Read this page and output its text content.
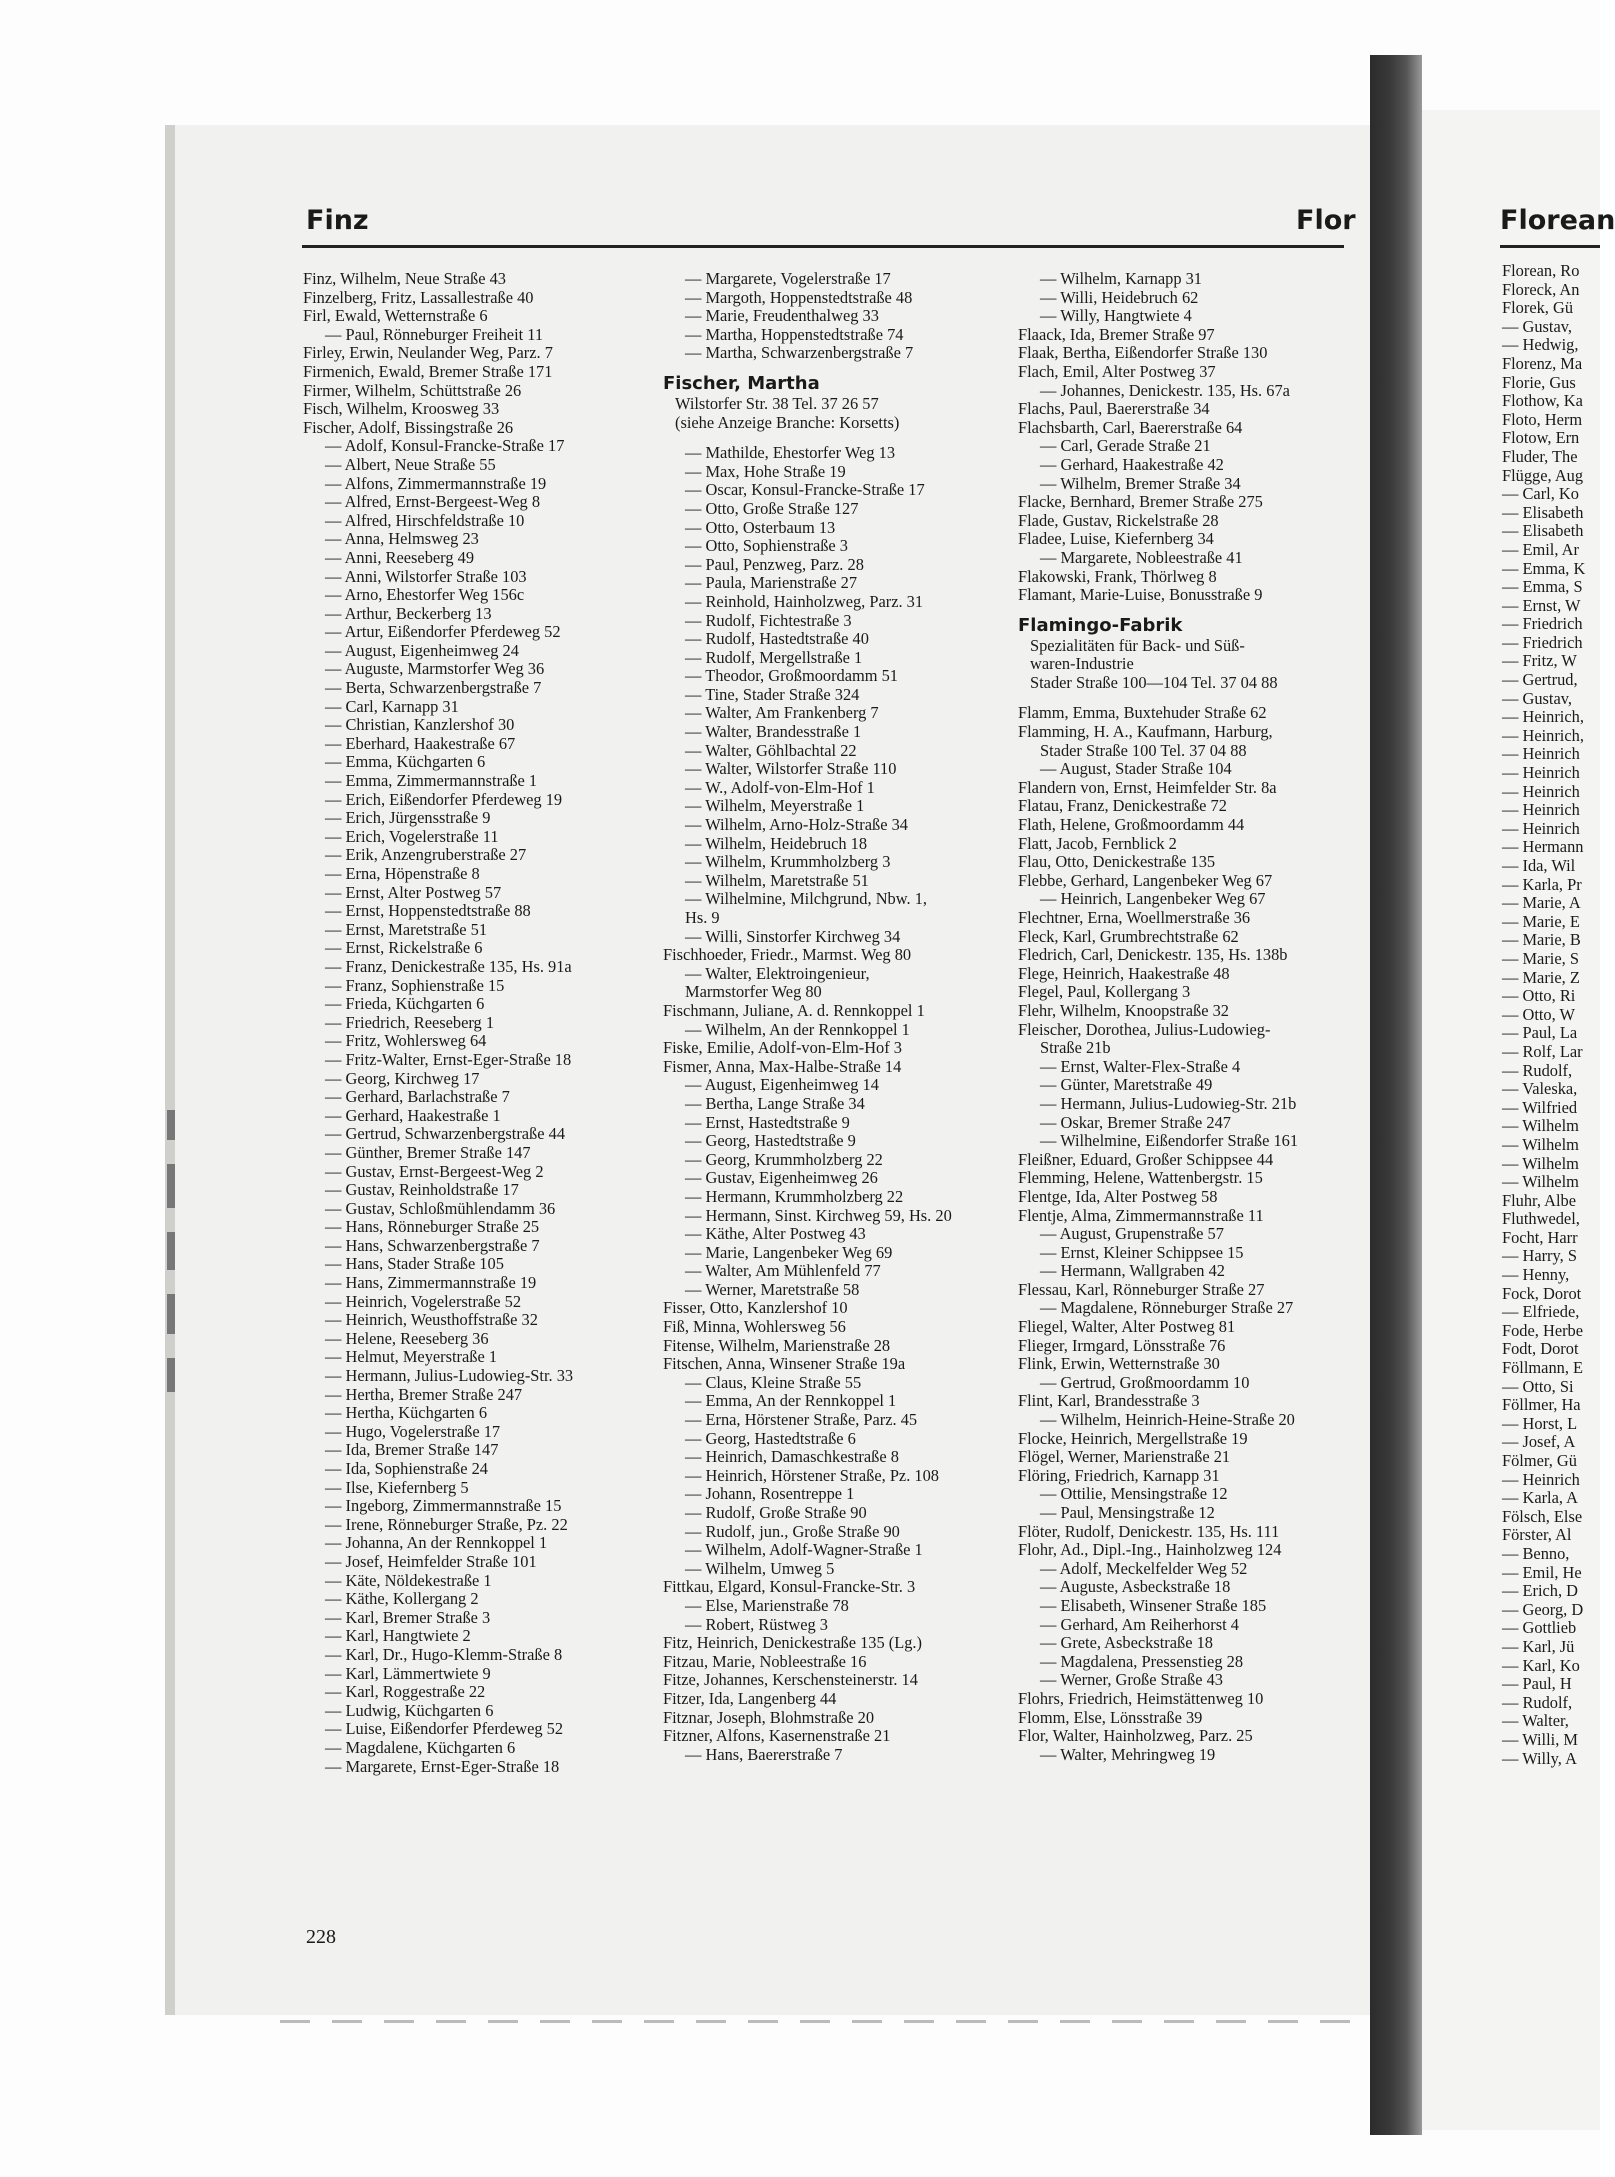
Finz	Flor	Florean
Finz, Wilhelm, Neue Straße 43
Finzelberg, Fritz, Lassallestraße 40
Firl, Ewald, Wetternstraße 6
— Paul, Rönneburger Freiheit 11
Firley, Erwin, Neulander Weg, Parz. 7
Firmenich, Ewald, Bremer Straße 171
Firmer, Wilhelm, Schüttstraße 26
Fisch, Wilhelm, Kroosweg 33
Fischer, Adolf, Bissingstraße 26
— Adolf, Konsul-Francke-Straße 17
— Albert, Neue Straße 55
— Alfons, Zimmermannstraße 19
— Alfred, Ernst-Bergeest-Weg 8
— Alfred, Hirschfeldstraße 10
— Anna, Helmsweg 23
— Anni, Reeseberg 49
— Anni, Wilstorfer Straße 103
— Arno, Ehestorfer Weg 156c
— Arthur, Beckerberg 13
— Artur, Eißendorfer Pferdeweg 52
— August, Eigenheimweg 24
— Auguste, Marmstorfer Weg 36
— Berta, Schwarzenbergstraße 7
— Carl, Karnapp 31
— Christian, Kanzlershof 30
— Eberhard, Haakestraße 67
— Emma, Küchgarten 6
— Emma, Zimmermannstraße 1
— Erich, Eißendorfer Pferdeweg 19
— Erich, Jürgensstraße 9
— Erich, Vogelerstraße 11
— Erik, Anzengruberstraße 27
— Erna, Höpenstraße 8
— Ernst, Alter Postweg 57
— Ernst, Hoppenstedtstraße 88
— Ernst, Maretstraße 51
— Ernst, Rickelstraße 6
— Franz, Denickestraße 135, Hs. 91a
— Franz, Sophienstraße 15
— Frieda, Küchgarten 6
— Friedrich, Reeseberg 1
— Fritz, Wohlersweg 64
— Fritz-Walter, Ernst-Eger-Straße 18
— Georg, Kirchweg 17
— Gerhard, Barlachstraße 7
— Gerhard, Haakestraße 1
— Gertrud, Schwarzenbergstraße 44
— Günther, Bremer Straße 147
— Gustav, Ernst-Bergeest-Weg 2
— Gustav, Reinholdstraße 17
— Gustav, Schloßmühlendamm 36
— Hans, Rönneburger Straße 25
— Hans, Schwarzenbergstraße 7
— Hans, Stader Straße 105
— Hans, Zimmermannstraße 19
— Heinrich, Vogelerstraße 52
— Heinrich, Weusthoffstraße 32
— Helene, Reeseberg 36
— Helmut, Meyerstraße 1
— Hermann, Julius-Ludowieg-Str. 33
— Hertha, Bremer Straße 247
— Hertha, Küchgarten 6
— Hugo, Vogelerstraße 17
— Ida, Bremer Straße 147
— Ida, Sophienstraße 24
— Ilse, Kiefernberg 5
— Ingeborg, Zimmermannstraße 15
— Irene, Rönneburger Straße, Pz. 22
— Johanna, An der Rennkoppel 1
— Josef, Heimfelder Straße 101
— Käte, Nöldekestraße 1
— Käthe, Kollergang 2
— Karl, Bremer Straße 3
— Karl, Hangtwiete 2
— Karl, Dr., Hugo-Klemm-Straße 8
— Karl, Lämmertwiete 9
— Karl, Roggestraße 22
— Ludwig, Küchgarten 6
— Luise, Eißendorfer Pferdeweg 52
— Magdalene, Küchgarten 6
— Margarete, Ernst-Eger-Straße 18
— Margarete, Vogelerstraße 17
— Margoth, Hoppenstedtstraße 48
— Marie, Freudenthalweg 33
— Martha, Hoppenstedtstraße 74
— Martha, Schwarzenbergstraße 7
Fischer, Martha
Wilstorfer Str. 38 Tel. 37 26 57
(siehe Anzeige Branche: Korsetts)
— Mathilde, Ehestorfer Weg 13
— Max, Hohe Straße 19
— Oscar, Konsul-Francke-Straße 17
— Otto, Große Straße 127
— Otto, Osterbaum 13
— Otto, Sophienstraße 3
— Paul, Penzweg, Parz. 28
— Paula, Marienstraße 27
— Reinhold, Hainholzweg, Parz. 31
— Rudolf, Fichtestraße 3
— Rudolf, Hastedtstraße 40
— Rudolf, Mergellstraße 1
— Theodor, Großmoordamm 51
— Tine, Stader Straße 324
— Walter, Am Frankenberg 7
— Walter, Brandesstraße 1
— Walter, Göhlbachtal 22
— Walter, Wilstorfer Straße 110
— W., Adolf-von-Elm-Hof 1
— Wilhelm, Meyerstraße 1
— Wilhelm, Arno-Holz-Straße 34
— Wilhelm, Heidebruch 18
— Wilhelm, Krummholzberg 3
— Wilhelm, Maretstraße 51
— Wilhelmine, Milchgrund, Nbw. 1,
Hs. 9
— Willi, Sinstorfer Kirchweg 34
Fischhoeder, Friedr., Marmst. Weg 80
— Walter, Elektroingenieur,
Marmstorfer Weg 80
Fischmann, Juliane, A. d. Rennkoppel 1
— Wilhelm, An der Rennkoppel 1
Fiske, Emilie, Adolf-von-Elm-Hof 3
Fismer, Anna, Max-Halbe-Straße 14
— August, Eigenheimweg 14
— Bertha, Lange Straße 34
— Ernst, Hastedtstraße 9
— Georg, Hastedtstraße 9
— Georg, Krummholzberg 22
— Gustav, Eigenheimweg 26
— Hermann, Krummholzberg 22
— Hermann, Sinst. Kirchweg 59, Hs. 20
— Käthe, Alter Postweg 43
— Marie, Langenbeker Weg 69
— Walter, Am Mühlenfeld 77
— Werner, Maretstraße 58
Fisser, Otto, Kanzlershof 10
Fiß, Minna, Wohlersweg 56
Fitense, Wilhelm, Marienstraße 28
Fitschen, Anna, Winsener Straße 19a
— Claus, Kleine Straße 55
— Emma, An der Rennkoppel 1
— Erna, Hörstener Straße, Parz. 45
— Georg, Hastedtstraße 6
— Heinrich, Damaschkestraße 8
— Heinrich, Hörstener Straße, Pz. 108
— Johann, Rosentreppe 1
— Rudolf, Große Straße 90
— Rudolf, jun., Große Straße 90
— Wilhelm, Adolf-Wagner-Straße 1
— Wilhelm, Umweg 5
Fittkau, Elgard, Konsul-Francke-Str. 3
— Else, Marienstraße 78
— Robert, Rüstweg 3
Fitz, Heinrich, Denickestraße 135 (Lg.)
Fitzau, Marie, Nobleestraße 16
Fitze, Johannes, Kerschensteinerstr. 14
Fitzer, Ida, Langenberg 44
Fitznar, Joseph, Blohmstraße 20
Fitzner, Alfons, Kasernenstraße 21
— Hans, Baererstraße 7
— Wilhelm, Karnapp 31
— Willi, Heidebruch 62
— Willy, Hangtwiete 4
Flaack, Ida, Bremer Straße 97
Flaak, Bertha, Eißendorfer Straße 130
Flach, Emil, Alter Postweg 37
— Johannes, Denickestr. 135, Hs. 67a
Flachs, Paul, Baererstraße 34
Flachsbarth, Carl, Baererstraße 64
— Carl, Gerade Straße 21
— Gerhard, Haakestraße 42
— Wilhelm, Bremer Straße 34
Flacke, Bernhard, Bremer Straße 275
Flade, Gustav, Rickelstraße 28
Fladee, Luise, Kiefernberg 34
— Margarete, Nobleestraße 41
Flakowski, Frank, Thörlweg 8
Flamant, Marie-Luise, Bonusstraße 9
Flamingo-Fabrik
Spezialitäten für Back- und Süß-
waren-Industrie
Stader Straße 100—104 Tel. 37 04 88
Flamm, Emma, Buxtehuder Straße 62
Flamming, H. A., Kaufmann, Harburg,
Stader Straße 100 Tel. 37 04 88
— August, Stader Straße 104
Flandern von, Ernst, Heimfelder Str. 8a
Flatau, Franz, Denickestraße 72
Flath, Helene, Großmoordamm 44
Flatt, Jacob, Fernblick 2
Flau, Otto, Denickestraße 135
Flebbe, Gerhard, Langenbeker Weg 67
— Heinrich, Langenbeker Weg 67
Flechtner, Erna, Woellmerstraße 36
Fleck, Karl, Grumbrechtstraße 62
Fledrich, Carl, Denickestr. 135, Hs. 138b
Flege, Heinrich, Haakestraße 48
Flegel, Paul, Kollergang 3
Flehr, Wilhelm, Knoopstraße 32
Fleischer, Dorothea, Julius-Ludowieg-
Straße 21b
— Ernst, Walter-Flex-Straße 4
— Günter, Maretstraße 49
— Hermann, Julius-Ludowieg-Str. 21b
— Oskar, Bremer Straße 247
— Wilhelmine, Eißendorfer Straße 161
Fleißner, Eduard, Großer Schippsee 44
Flemming, Helene, Wattenbergstr. 15
Flentge, Ida, Alter Postweg 58
Flentje, Alma, Zimmermannstraße 11
— August, Grupenstraße 57
— Ernst, Kleiner Schippsee 15
— Hermann, Wallgraben 42
Flessau, Karl, Rönneburger Straße 27
— Magdalene, Rönneburger Straße 27
Fliegel, Walter, Alter Postweg 81
Flieger, Irmgard, Lönsstraße 76
Flink, Erwin, Wetternstraße 30
— Gertrud, Großmoordamm 10
Flint, Karl, Brandesstraße 3
— Wilhelm, Heinrich-Heine-Straße 20
Flocke, Heinrich, Mergellstraße 19
Flögel, Werner, Marienstraße 21
Flöring, Friedrich, Karnapp 31
— Ottilie, Mensingstraße 12
— Paul, Mensingstraße 12
Flöter, Rudolf, Denickestr. 135, Hs. 111
Flohr, Ad., Dipl.-Ing., Hainholzweg 124
— Adolf, Meckelfelder Weg 52
— Auguste, Asbeckstraße 18
— Elisabeth, Winsener Straße 185
— Gerhard, Am Reiherhorst 4
— Grete, Asbeckstraße 18
— Magdalena, Pressenstieg 28
— Werner, Große Straße 43
Flohrs, Friedrich, Heimstättenweg 10
Flomm, Else, Lönsstraße 39
Flor, Walter, Hainholzweg, Parz. 25
— Walter, Mehringweg 19
Florean, Ro
Floreck, An
Florek, Gü
— Gustav,
— Hedwig,
Florenz, Ma
Florie, Gus
Flothow, Ka
Floto, Herm
Flotow, Ern
Fluder, The
Flügge, Aug
— Carl, Ko
— Elisabeth
— Elisabeth
— Emil, Ar
— Emma, K
— Emma, S
— Ernst, W
— Friedrich
— Friedrich
— Fritz, W
— Gertrud,
— Gustav,
— Heinrich,
— Heinrich,
— Heinrich
— Heinrich
— Heinrich
— Heinrich
— Heinrich
— Hermann
— Ida, Wil
— Karla, Pr
— Marie, A
— Marie, E
— Marie, B
— Marie, S
— Marie, Z
— Otto, Ri
— Otto, W
— Paul, La
— Rolf, Lar
— Rudolf,
— Valeska,
— Wilfried
— Wilhelm
— Wilhelm
— Wilhelm
— Wilhelm
Fluhr, Albe
Fluthwedel,
Focht, Harr
— Harry, S
— Henny,
Fock, Dorot
— Elfriede,
Fode, Herbe
Fodt, Dorot
Föllmann, E
— Otto, Si
Föllmer, Ha
— Horst, L
— Josef, A
Fölmer, Gü
— Heinrich
— Karla, A
Fölsch, Else
Förster, Al
— Benno,
— Emil, He
— Erich, D
— Georg, D
— Gottlieb
— Karl, Jü
— Karl, Ko
— Paul, H
— Rudolf,
— Walter,
— Willi, M
— Willy, A
228
